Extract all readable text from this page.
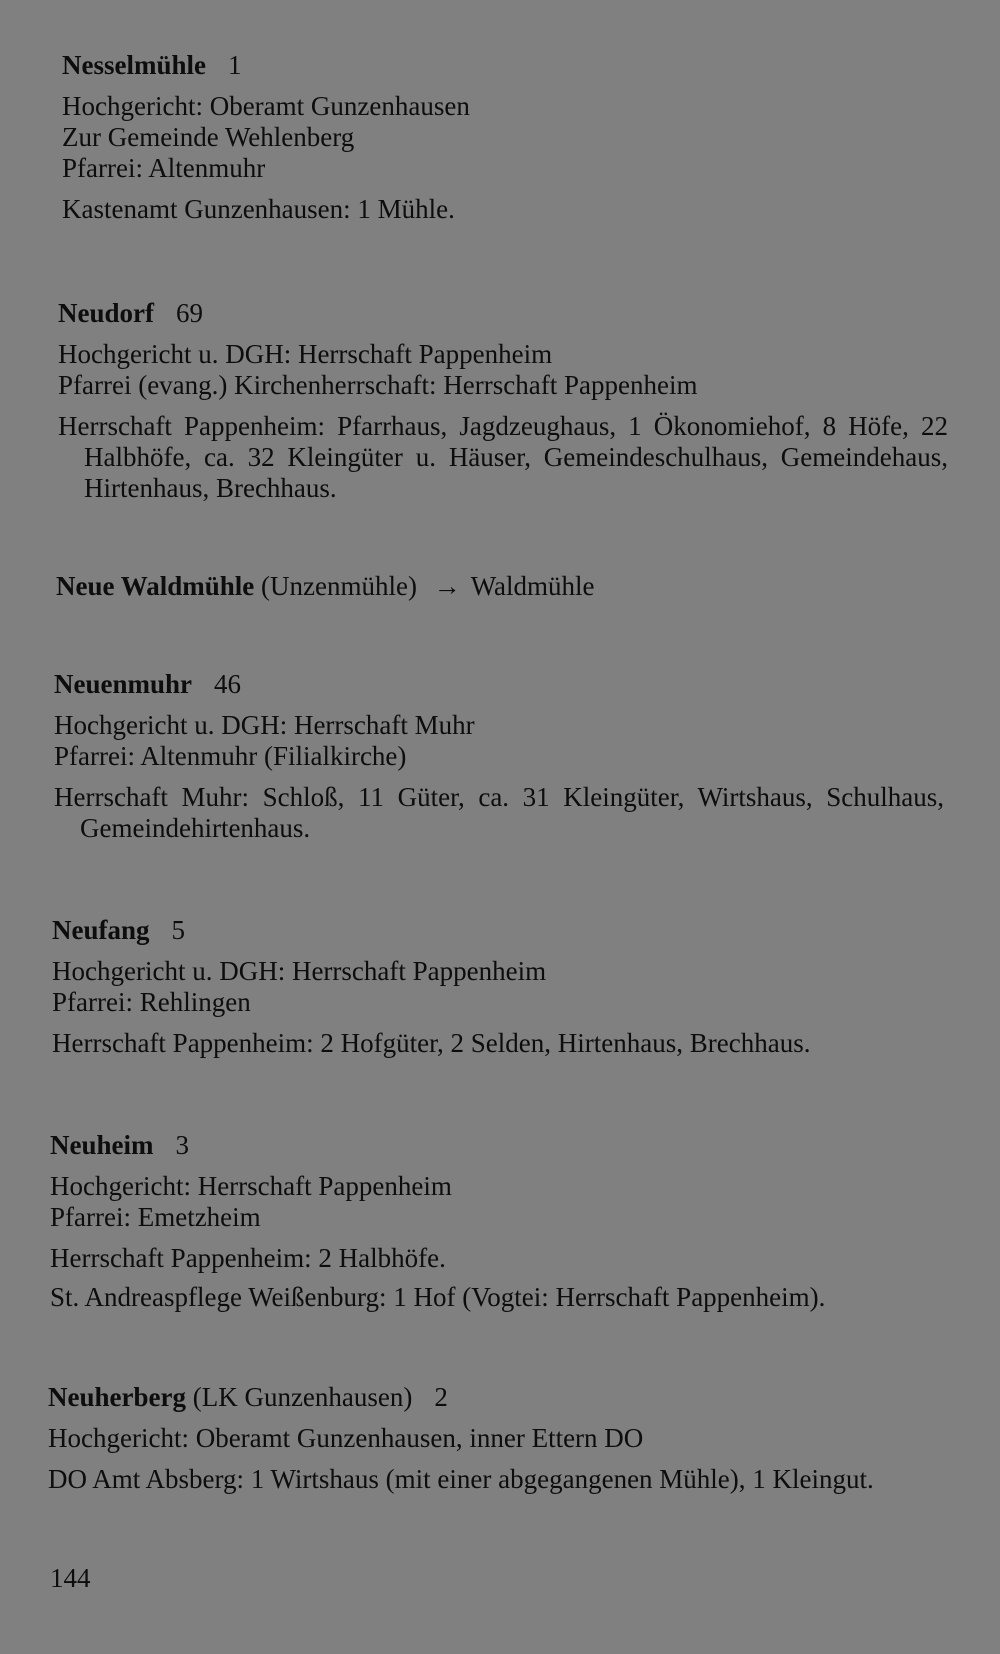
Nesselmühle 1
Hochgericht: Oberamt Gunzenhausen
Zur Gemeinde Wehlenberg
Pfarrei: Altenmuhr
Kastenamt Gunzenhausen: 1 Mühle.
Neudorf 69
Hochgericht u. DGH: Herrschaft Pappenheim
Pfarrei (evang.) Kirchenherrschaft: Herrschaft Pappenheim
Herrschaft Pappenheim: Pfarrhaus, Jagdzeughaus, 1 Ökonomiehof, 8 Höfe, 22 Halbhöfe, ca. 32 Kleingüter u. Häuser, Gemeindeschulhaus, Gemeindehaus, Hirtenhaus, Brechhaus.
Neue Waldmühle (Unzenmühle) → Waldmühle
Neuenmuhr 46
Hochgericht u. DGH: Herrschaft Muhr
Pfarrei: Altenmuhr (Filialkirche)
Herrschaft Muhr: Schloß, 11 Güter, ca. 31 Kleingüter, Wirtshaus, Schulhaus, Gemeindehirtenhaus.
Neufang 5
Hochgericht u. DGH: Herrschaft Pappenheim
Pfarrei: Rehlingen
Herrschaft Pappenheim: 2 Hofgüter, 2 Selden, Hirtenhaus, Brechhaus.
Neuheim 3
Hochgericht: Herrschaft Pappenheim
Pfarrei: Emetzheim
Herrschaft Pappenheim: 2 Halbhöfe.
St. Andreaspflege Weißenburg: 1 Hof (Vogtei: Herrschaft Pappenheim).
Neuherberg (LK Gunzenhausen) 2
Hochgericht: Oberamt Gunzenhausen, inner Ettern DO
DO Amt Absberg: 1 Wirtshaus (mit einer abgegangenen Mühle), 1 Kleingut.
144
